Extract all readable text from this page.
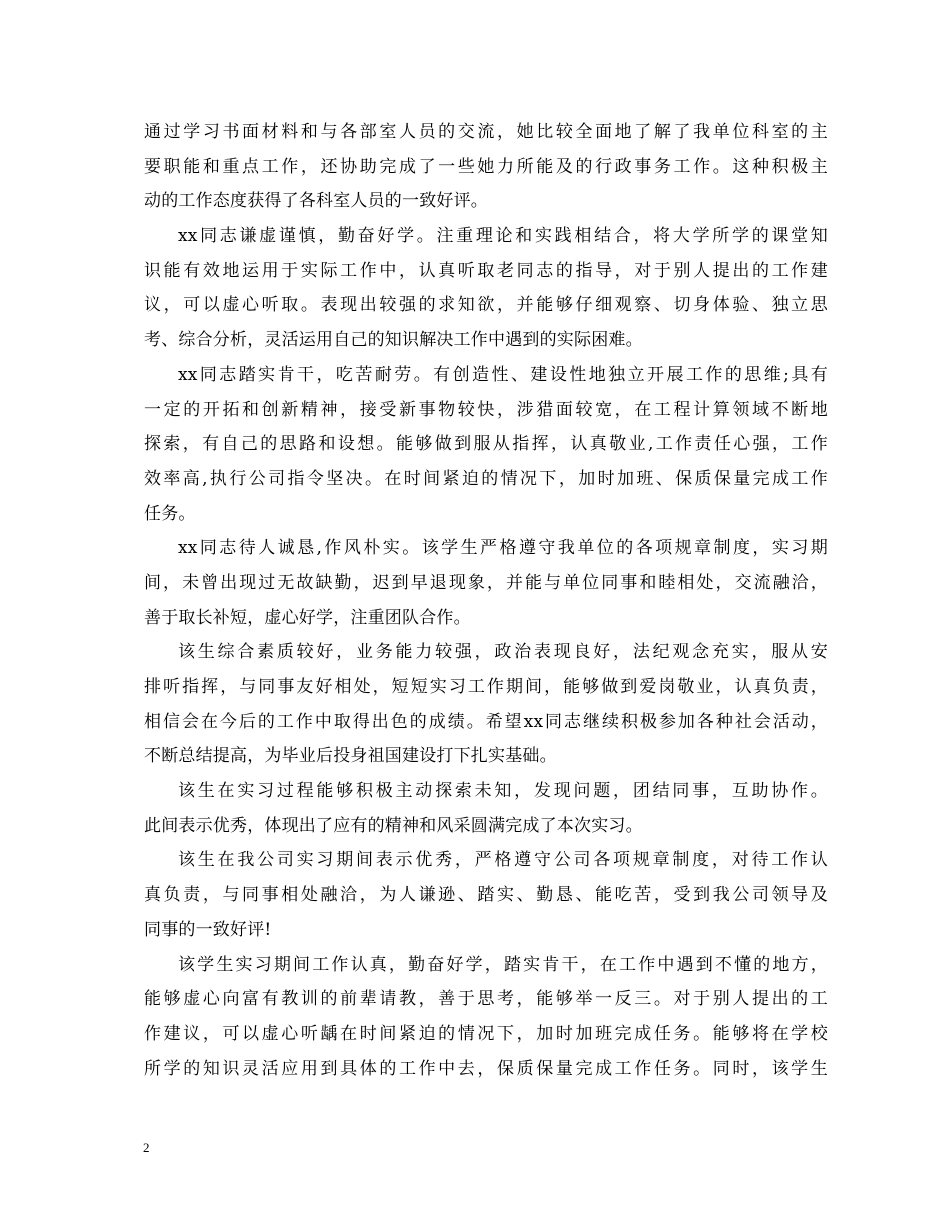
通过学习书面材料和与各部室人员的交流，她比较全面地了解了我单位科室的主
要职能和重点工作，还协助完成了一些她力所能及的行政事务工作。这种积极主
动的工作态度获得了各科室人员的一致好评。
xx同志谦虚谨慎，勤奋好学。注重理论和实践相结合，将大学所学的课堂知
识能有效地运用于实际工作中，认真听取老同志的指导，对于别人提出的工作建
议，可以虚心听取。表现出较强的求知欲，并能够仔细观察、切身体验、独立思
考、综合分析，灵活运用自己的知识解决工作中遇到的实际困难。
xx同志踏实肯干，吃苦耐劳。有创造性、建设性地独立开展工作的思维;具有
一定的开拓和创新精神，接受新事物较快，涉猎面较宽，在工程计算领域不断地
探索，有自己的思路和设想。能够做到服从指挥，认真敬业,工作责任心强，工作
效率高,执行公司指令坚决。在时间紧迫的情况下，加时加班、保质保量完成工作
任务。
xx同志待人诚恳,作风朴实。该学生严格遵守我单位的各项规章制度，实习期
间，未曾出现过无故缺勤，迟到早退现象，并能与单位同事和睦相处，交流融洽，
善于取长补短，虚心好学，注重团队合作。
该生综合素质较好，业务能力较强，政治表现良好，法纪观念充实，服从安
排听指挥，与同事友好相处，短短实习工作期间，能够做到爱岗敬业，认真负责，
相信会在今后的工作中取得出色的成绩。希望xx同志继续积极参加各种社会活动，
不断总结提高，为毕业后投身祖国建设打下扎实基础。
该生在实习过程能够积极主动探索未知，发现问题，团结同事，互助协作。
此间表示优秀，体现出了应有的精神和风采圆满完成了本次实习。
该生在我公司实习期间表示优秀，严格遵守公司各项规章制度，对待工作认
真负责，与同事相处融洽，为人谦逊、踏实、勤恳、能吃苦，受到我公司领导及
同事的一致好评!
该学生实习期间工作认真，勤奋好学，踏实肯干，在工作中遇到不懂的地方，
能够虚心向富有教训的前辈请教，善于思考，能够举一反三。对于别人提出的工
作建议，可以虚心听龋在时间紧迫的情况下，加时加班完成任务。能够将在学校
所学的知识灵活应用到具体的工作中去，保质保量完成工作任务。同时，该学生
2
